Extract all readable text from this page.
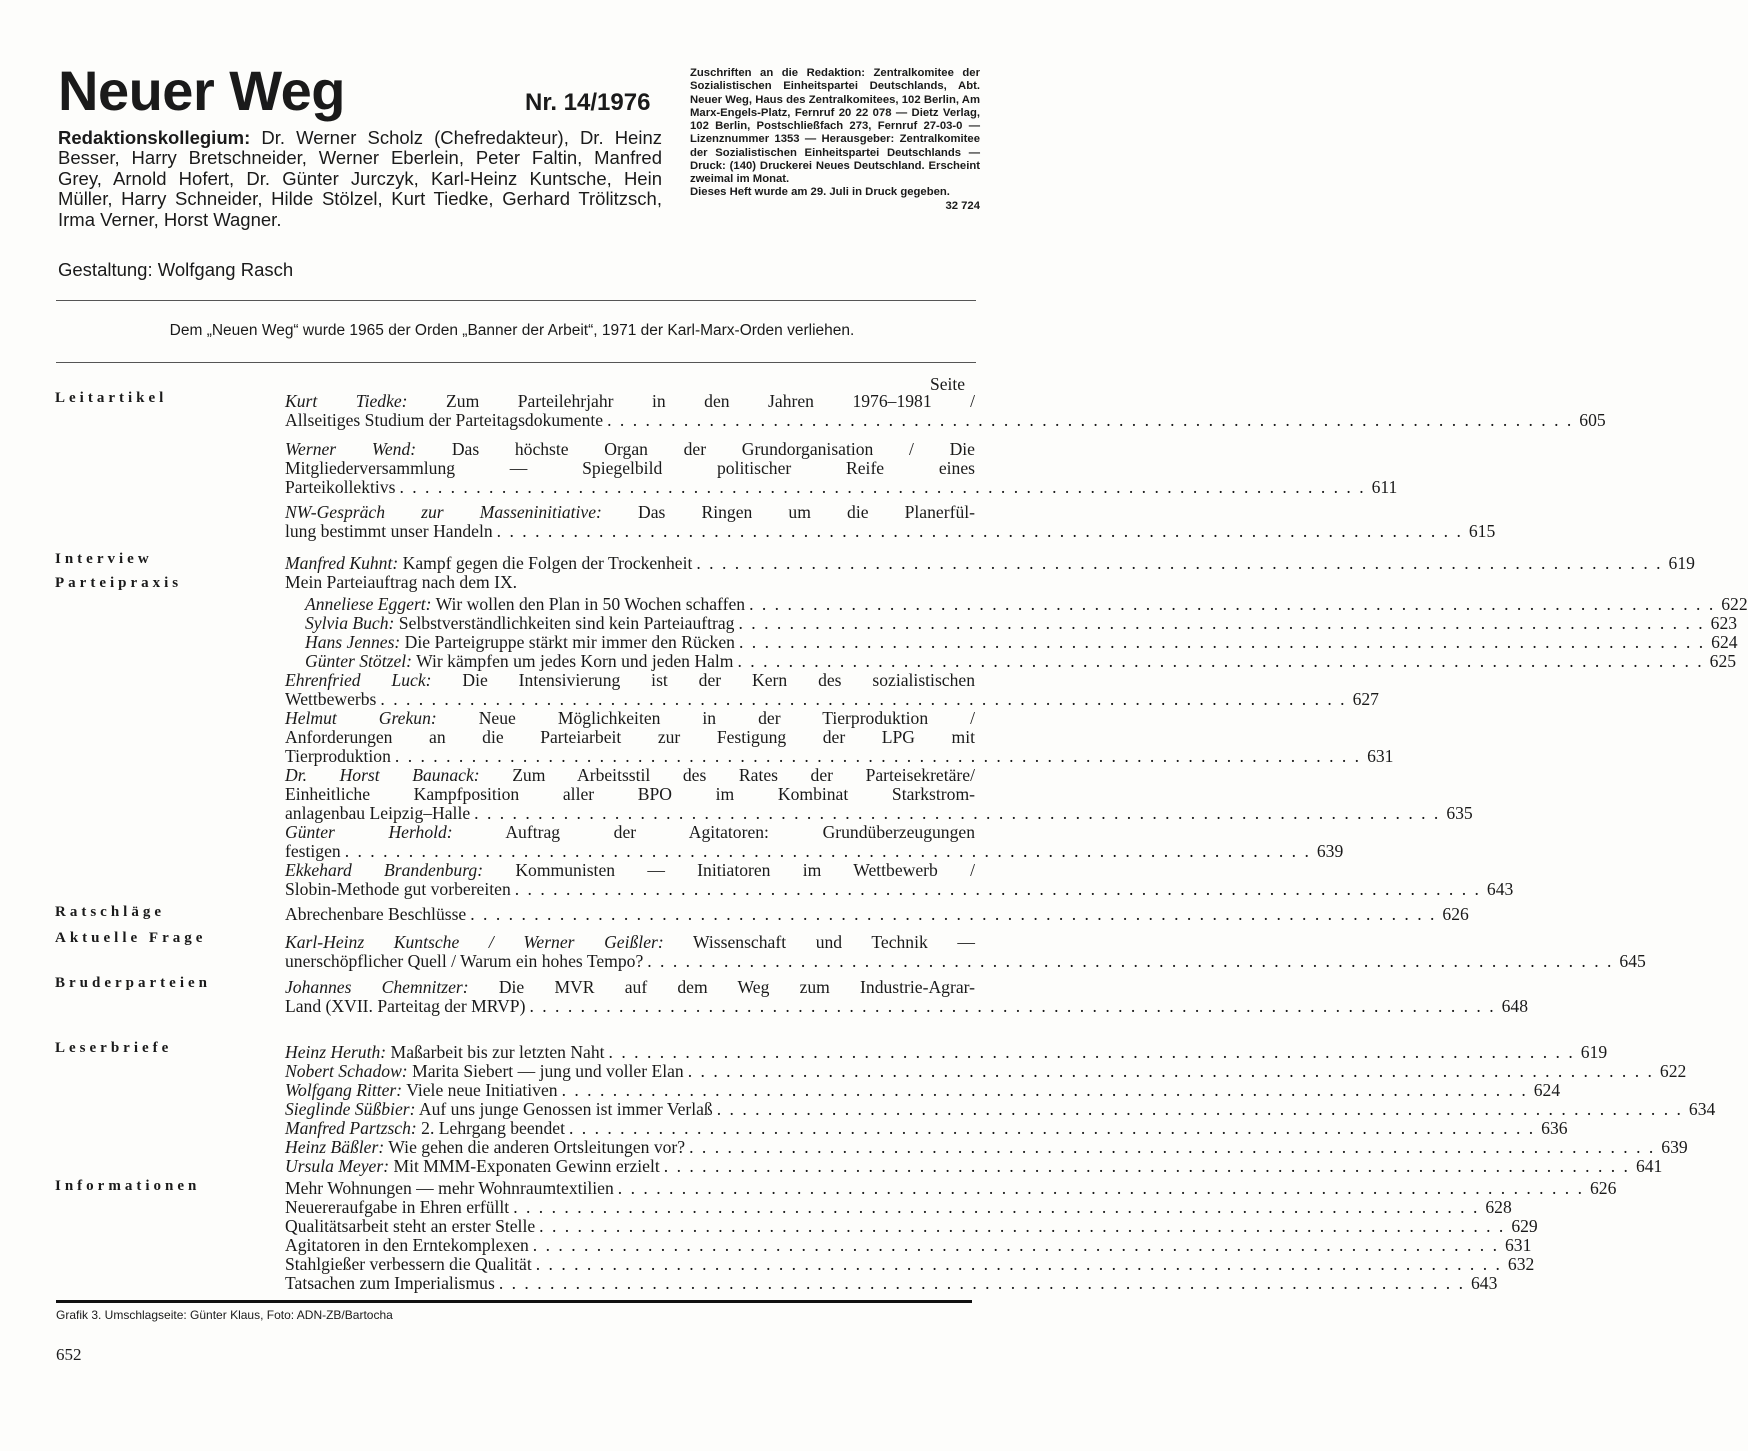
Neuer Weg	Nr. 14/1976
Redaktionskollegium: Dr. Werner Scholz (Chefredakteur), Dr. Heinz Besser, Harry Bretschneider, Werner Eberlein, Peter Faltin, Manfred Grey, Arnold Hofert, Dr. Günter Jurczyk, Karl-Heinz Kuntsche, Hein Müller, Harry Schneider, Hilde Stölzel, Kurt Tiedke, Gerhard Trölitzsch, Irma Verner, Horst Wagner.
Gestaltung: Wolfgang Rasch

Zuschriften an die Redaktion: Zentralkomitee der Sozialistischen Einheitspartei Deutschlands, Abt. Neuer Weg, Haus des Zentralkomitees, 102 Berlin, Am Marx-Engels-Platz, Fernruf 20 22 078 — Dietz Verlag, 102 Berlin, Postschließfach 273, Fernruf 27-03-0 — Lizenznummer 1353 — Herausgeber: Zentralkomitee der Sozialistischen Einheitspartei Deutschlands — Druck: (140) Druckerei Neues Deutschland. Erscheint zweimal im Monat.

Dieses Heft wurde am 29. Juli in Druck gegeben.

32 724
Dem „Neuen Weg“ wurde 1965 der Orden „Banner der Arbeit“, 1971 der Karl-Marx-Orden verliehen.
Seite
Leitartikel
Interview
Parteipraxis
Ratschläge
Aktuelle Frage
Bruderparteien
Leserbriefe
Informationen
Kurt Tiedke: Zum Parteilehrjahr in den Jahren 1976–1981 /
Allseitiges Studium der Parteitagsdokumente . . . . . . . . . . . . . . . . . . . . . . . . . . . . . . . . . . . . . . . . . . . . . . . . . . . . . . . . . . . . . . . . . . . . . . . . . . . . 605
Werner Wend: Das höchste Organ der Grundorganisation / Die
Mitgliederversammlung — Spiegelbild politischer Reife eines
Parteikollektivs . . . . . . . . . . . . . . . . . . . . . . . . . . . . . . . . . . . . . . . . . . . . . . . . . . . . . . . . . . . . . . . . . . . . . . . . . . . . 611
NW-Gespräch zur Masseninitiative: Das Ringen um die Planerfül-
lung bestimmt unser Handeln . . . . . . . . . . . . . . . . . . . . . . . . . . . . . . . . . . . . . . . . . . . . . . . . . . . . . . . . . . . . . . . . . . . . . . . . . . . . 615
Manfred Kuhnt: Kampf gegen die Folgen der Trockenheit . . . . . . . . . . . . . . . . . . . . . . . . . . . . . . . . . . . . . . . . . . . . . . . . . . . . . . . . . . . . . . . . . . . . . . . . . . . . 619
Mein Parteiauftrag nach dem IX.
Anneliese Eggert: Wir wollen den Plan in 50 Wochen schaffen . . . . . . . . . . . . . . . . . . . . . . . . . . . . . . . . . . . . . . . . . . . . . . . . . . . . . . . . . . . . . . . . . . . . . . . . . . . . 622
Sylvia Buch: Selbstverständlichkeiten sind kein Parteiauftrag . . . . . . . . . . . . . . . . . . . . . . . . . . . . . . . . . . . . . . . . . . . . . . . . . . . . . . . . . . . . . . . . . . . . . . . . . . . . 623
Hans Jennes: Die Parteigruppe stärkt mir immer den Rücken . . . . . . . . . . . . . . . . . . . . . . . . . . . . . . . . . . . . . . . . . . . . . . . . . . . . . . . . . . . . . . . . . . . . . . . . . . . . 624
Günter Stötzel: Wir kämpfen um jedes Korn und jeden Halm . . . . . . . . . . . . . . . . . . . . . . . . . . . . . . . . . . . . . . . . . . . . . . . . . . . . . . . . . . . . . . . . . . . . . . . . . . . . 625
Ehrenfried Luck: Die Intensivierung ist der Kern des sozialistischen
Wettbewerbs . . . . . . . . . . . . . . . . . . . . . . . . . . . . . . . . . . . . . . . . . . . . . . . . . . . . . . . . . . . . . . . . . . . . . . . . . . . . 627
Helmut Grekun: Neue Möglichkeiten in der Tierproduktion /
Anforderungen an die Parteiarbeit zur Festigung der LPG mit
Tierproduktion . . . . . . . . . . . . . . . . . . . . . . . . . . . . . . . . . . . . . . . . . . . . . . . . . . . . . . . . . . . . . . . . . . . . . . . . . . . . 631
Dr. Horst Baunack: Zum Arbeitsstil des Rates der Parteisekretäre/
Einheitliche Kampfposition aller BPO im Kombinat Starkstrom-
anlagenbau Leipzig–Halle . . . . . . . . . . . . . . . . . . . . . . . . . . . . . . . . . . . . . . . . . . . . . . . . . . . . . . . . . . . . . . . . . . . . . . . . . . . . 635
Günter Herhold: Auftrag der Agitatoren: Grundüberzeugungen
festigen . . . . . . . . . . . . . . . . . . . . . . . . . . . . . . . . . . . . . . . . . . . . . . . . . . . . . . . . . . . . . . . . . . . . . . . . . . . . 639
Ekkehard Brandenburg: Kommunisten — Initiatoren im Wettbewerb /
Slobin-Methode gut vorbereiten . . . . . . . . . . . . . . . . . . . . . . . . . . . . . . . . . . . . . . . . . . . . . . . . . . . . . . . . . . . . . . . . . . . . . . . . . . . . 643
Abrechenbare Beschlüsse . . . . . . . . . . . . . . . . . . . . . . . . . . . . . . . . . . . . . . . . . . . . . . . . . . . . . . . . . . . . . . . . . . . . . . . . . . . . 626
Karl-Heinz Kuntsche / Werner Geißler: Wissenschaft und Technik —
unerschöpflicher Quell / Warum ein hohes Tempo? . . . . . . . . . . . . . . . . . . . . . . . . . . . . . . . . . . . . . . . . . . . . . . . . . . . . . . . . . . . . . . . . . . . . . . . . . . . . 645
Johannes Chemnitzer: Die MVR auf dem Weg zum Industrie-Agrar-
Land (XVII. Parteitag der MRVP) . . . . . . . . . . . . . . . . . . . . . . . . . . . . . . . . . . . . . . . . . . . . . . . . . . . . . . . . . . . . . . . . . . . . . . . . . . . . 648
Heinz Heruth: Maßarbeit bis zur letzten Naht . . . . . . . . . . . . . . . . . . . . . . . . . . . . . . . . . . . . . . . . . . . . . . . . . . . . . . . . . . . . . . . . . . . . . . . . . . . . 619
Nobert Schadow: Marita Siebert — jung und voller Elan . . . . . . . . . . . . . . . . . . . . . . . . . . . . . . . . . . . . . . . . . . . . . . . . . . . . . . . . . . . . . . . . . . . . . . . . . . . . 622
Wolfgang Ritter: Viele neue Initiativen . . . . . . . . . . . . . . . . . . . . . . . . . . . . . . . . . . . . . . . . . . . . . . . . . . . . . . . . . . . . . . . . . . . . . . . . . . . . 624
Sieglinde Süßbier: Auf uns junge Genossen ist immer Verlaß . . . . . . . . . . . . . . . . . . . . . . . . . . . . . . . . . . . . . . . . . . . . . . . . . . . . . . . . . . . . . . . . . . . . . . . . . . . . 634
Manfred Partzsch: 2. Lehrgang beendet . . . . . . . . . . . . . . . . . . . . . . . . . . . . . . . . . . . . . . . . . . . . . . . . . . . . . . . . . . . . . . . . . . . . . . . . . . . . 636
Heinz Bäßler: Wie gehen die anderen Ortsleitungen vor? . . . . . . . . . . . . . . . . . . . . . . . . . . . . . . . . . . . . . . . . . . . . . . . . . . . . . . . . . . . . . . . . . . . . . . . . . . . . 639
Ursula Meyer: Mit MMM-Exponaten Gewinn erzielt . . . . . . . . . . . . . . . . . . . . . . . . . . . . . . . . . . . . . . . . . . . . . . . . . . . . . . . . . . . . . . . . . . . . . . . . . . . . 641
Mehr Wohnungen — mehr Wohnraumtextilien . . . . . . . . . . . . . . . . . . . . . . . . . . . . . . . . . . . . . . . . . . . . . . . . . . . . . . . . . . . . . . . . . . . . . . . . . . . . 626
Neuereraufgabe in Ehren erfüllt . . . . . . . . . . . . . . . . . . . . . . . . . . . . . . . . . . . . . . . . . . . . . . . . . . . . . . . . . . . . . . . . . . . . . . . . . . . . 628
Qualitätsarbeit steht an erster Stelle . . . . . . . . . . . . . . . . . . . . . . . . . . . . . . . . . . . . . . . . . . . . . . . . . . . . . . . . . . . . . . . . . . . . . . . . . . . . 629
Agitatoren in den Erntekomplexen . . . . . . . . . . . . . . . . . . . . . . . . . . . . . . . . . . . . . . . . . . . . . . . . . . . . . . . . . . . . . . . . . . . . . . . . . . . . 631
Stahlgießer verbessern die Qualität . . . . . . . . . . . . . . . . . . . . . . . . . . . . . . . . . . . . . . . . . . . . . . . . . . . . . . . . . . . . . . . . . . . . . . . . . . . . 632
Tatsachen zum Imperialismus . . . . . . . . . . . . . . . . . . . . . . . . . . . . . . . . . . . . . . . . . . . . . . . . . . . . . . . . . . . . . . . . . . . . . . . . . . . . 643
Grafik 3. Umschlagseite: Günter Klaus, Foto: ADN-ZB/Bartocha
652
